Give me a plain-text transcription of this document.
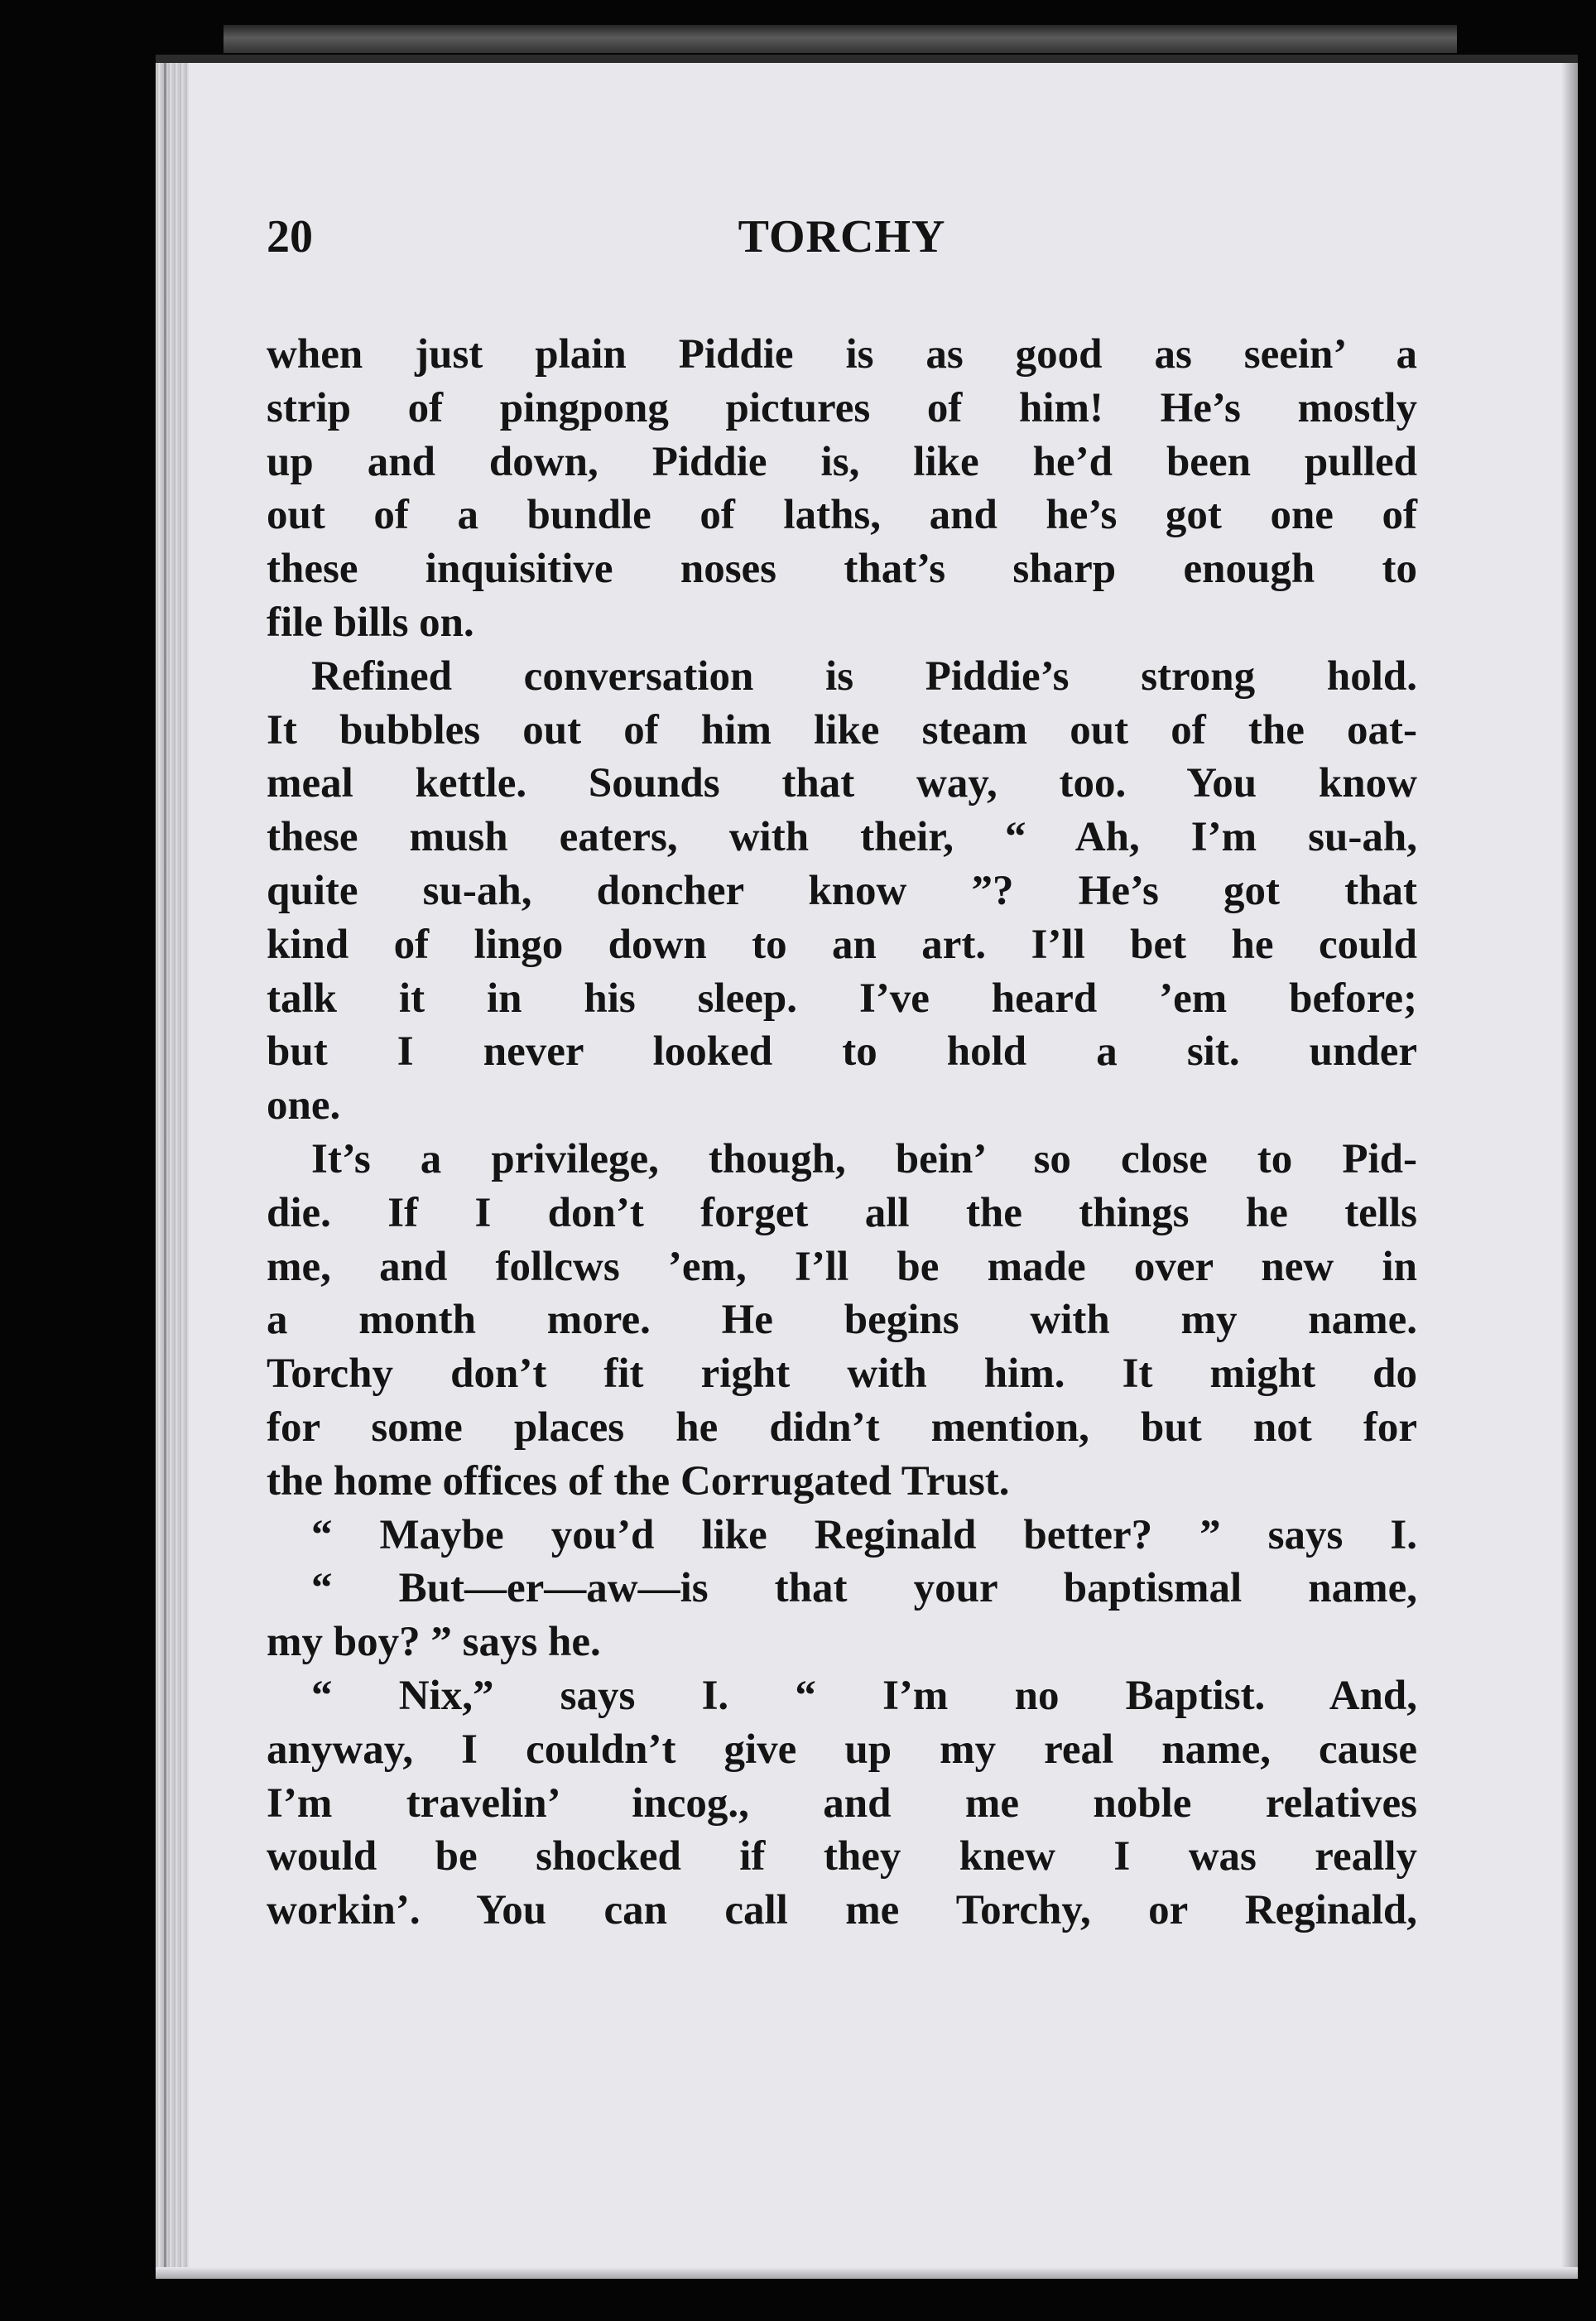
20	TORCHY
when just plain Piddie is as good as seein’ a
strip of pingpong pictures of him! He’s mostly
up and down, Piddie is, like he’d been pulled
out of a bundle of laths, and he’s got one of
these inquisitive noses that’s sharp enough to
file bills on.
Refined conversation is Piddie’s strong hold.
It bubbles out of him like steam out of the oat-
meal kettle. Sounds that way, too. You know
these mush eaters, with their, “ Ah, I’m su-ah,
quite su-ah, doncher know ”? He’s got that
kind of lingo down to an art. I’ll bet he could
talk it in his sleep. I’ve heard ’em before;
but I never looked to hold a sit. under
one.
It’s a privilege, though, bein’ so close to Pid-
die. If I don’t forget all the things he tells
me, and follcws ’em, I’ll be made over new in
a month more. He begins with my name.
Torchy don’t fit right with him. It might do
for some places he didn’t mention, but not for
the home offices of the Corrugated Trust.
“ Maybe you’d like Reginald better? ” says I.
“ But—er—aw—is that your baptismal name,
my boy? ” says he.
“ Nix,” says I. “ I’m no Baptist. And,
anyway, I couldn’t give up my real name, cause
I’m travelin’ incog., and me noble relatives
would be shocked if they knew I was really
workin’. You can call me Torchy, or Reginald,
